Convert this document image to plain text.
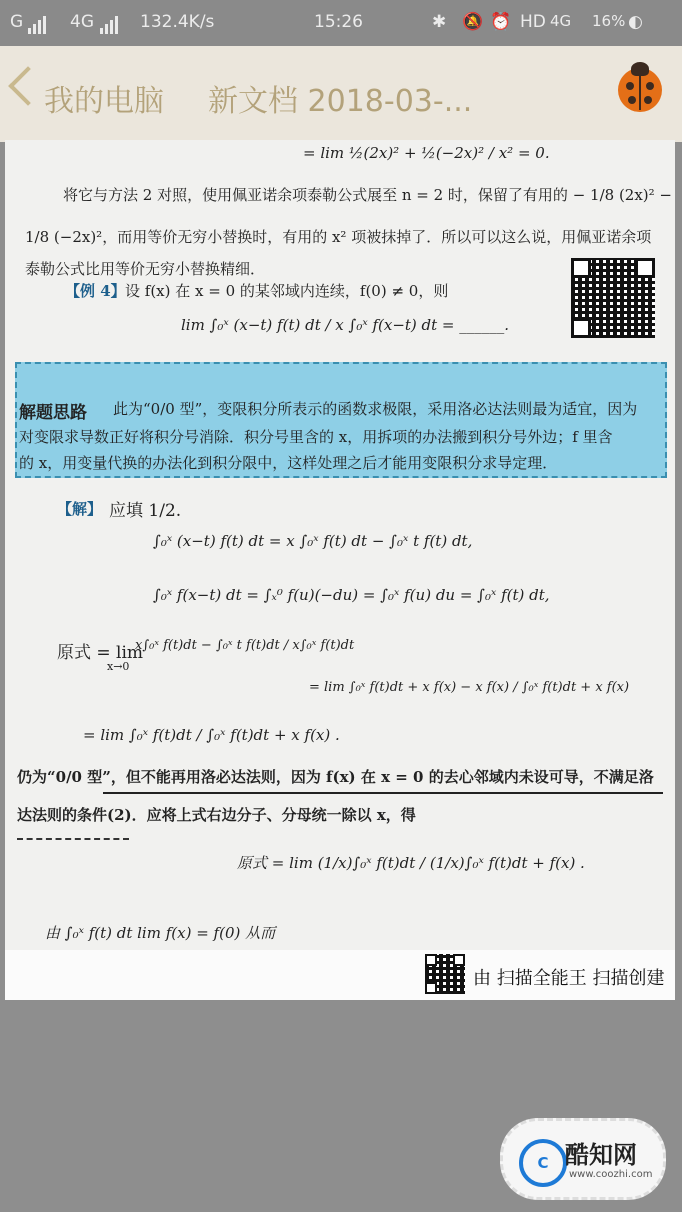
G	4G	132.4K/s	15:26	✱ 🔕 ⏰ HD 4G 16% ◐
我的电脑 新文档 2018-03-...
= lim ½(2x)² + ½(−2x)² / x² = 0.
将它与方法 2 对照，使用佩亚诺余项泰勒公式展至 n = 2 时，保留了有用的 − 1/8 (2x)² −
1/8 (−2x)²，而用等价无穷小替换时，有用的 x² 项被抹掉了．所以可以这么说，用佩亚诺余项
泰勒公式比用等价无穷小替换精细．
【例 4】 设 f(x) 在 x = 0 的某邻域内连续，f(0) ≠ 0，则
lim ∫₀ˣ (x−t) f(t) dt / x ∫₀ˣ f(x−t) dt = ______.
解题思路 此为“0/0 型”，变限积分所表示的函数求极限，采用洛必达法则最为适宜，因为
对变限求导数正好将积分号消除．积分号里含的 x，用拆项的办法搬到积分号外边；f 里含
的 x，用变量代换的办法化到积分限中，这样处理之后才能用变限积分求导定理．
【解】 应填 1/2.
∫₀ˣ (x−t) f(t) dt = x ∫₀ˣ f(t) dt − ∫₀ˣ t f(t) dt,
∫₀ˣ f(x−t) dt = ∫ₓ⁰ f(u)(−du) = ∫₀ˣ f(u) du = ∫₀ˣ f(t) dt,
原式 = lim
x→0
x∫₀ˣ f(t)dt − ∫₀ˣ t f(t)dt / x∫₀ˣ f(t)dt
= lim ∫₀ˣ f(t)dt + x f(x) − x f(x) / ∫₀ˣ f(t)dt + x f(x)
= lim ∫₀ˣ f(t)dt / ∫₀ˣ f(t)dt + x f(x) .
仍为“0/0 型”，但不能再用洛必达法则，因为 f(x) 在 x = 0 的去心邻域内未设可导，不满足洛
达法则的条件(2)．应将上式右边分子、分母统一除以 x，得
原式 = lim (1/x)∫₀ˣ f(t)dt / (1/x)∫₀ˣ f(t)dt + f(x) .
由 ∫₀ˣ f(t) dt lim f(x) = f(0) 从而
由 扫描全能王 扫描创建
C 酷知网
www.coozhi.com
